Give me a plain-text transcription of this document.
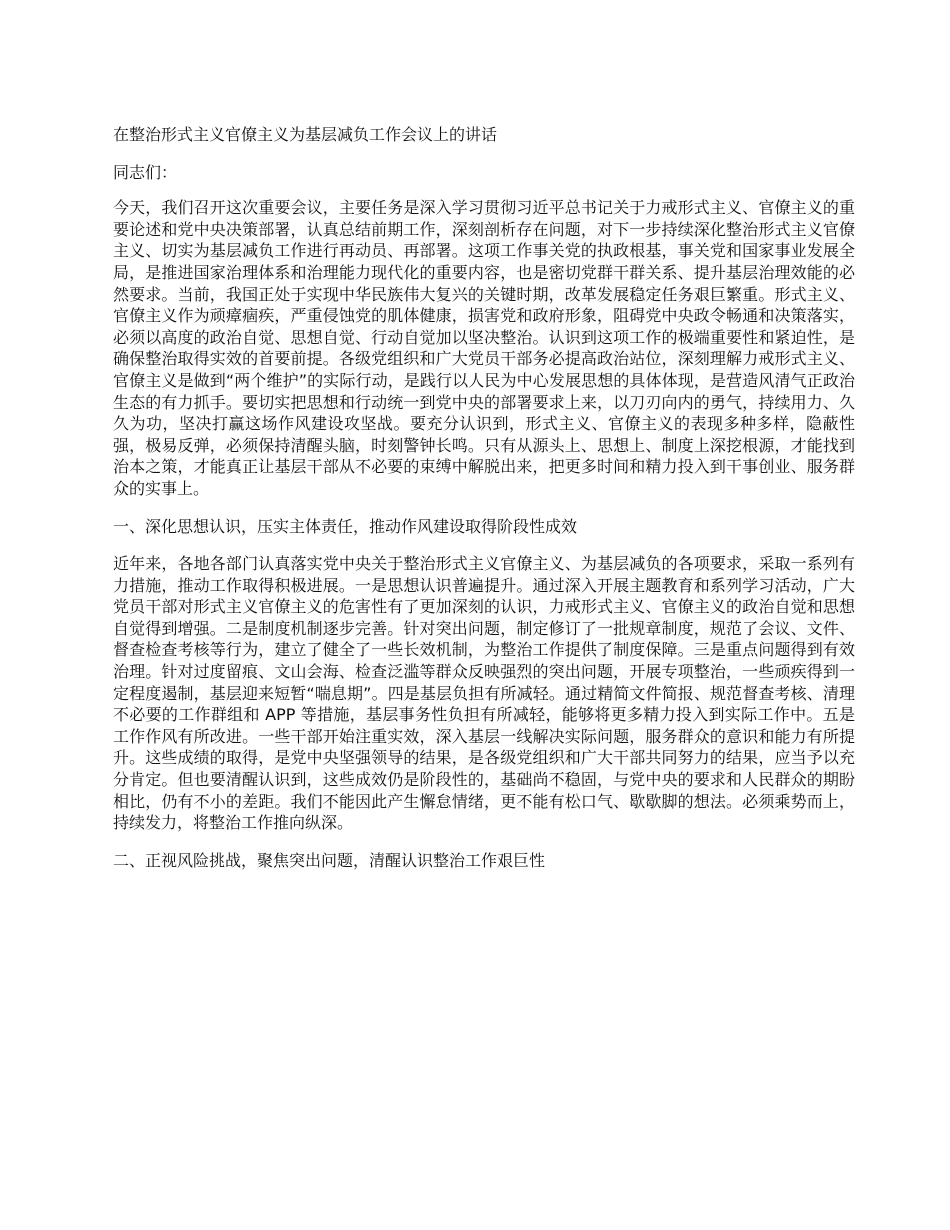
在整治形式主义官僚主义为基层减负工作会议上的讲话

同志们：

今天，我们召开这次重要会议，主要任务是深入学习贯彻习近平总书记关于力戒形式主义、官僚主义的重要论述和党中央决策部署，认真总结前期工作，深刻剖析存在问题，对下一步持续深化整治形式主义官僚主义、切实为基层减负工作进行再动员、再部署。这项工作事关党的执政根基，事关党和国家事业发展全局，是推进国家治理体系和治理能力现代化的重要内容，也是密切党群干群关系、提升基层治理效能的必然要求。当前，我国正处于实现中华民族伟大复兴的关键时期，改革发展稳定任务艰巨繁重。形式主义、官僚主义作为顽瘴痼疾，严重侵蚀党的肌体健康，损害党和政府形象，阻碍党中央政令畅通和决策落实，必须以高度的政治自觉、思想自觉、行动自觉加以坚决整治。认识到这项工作的极端重要性和紧迫性，是确保整治取得实效的首要前提。各级党组织和广大党员干部务必提高政治站位，深刻理解力戒形式主义、官僚主义是做到“两个维护”的实际行动，是践行以人民为中心发展思想的具体体现，是营造风清气正政治生态的有力抓手。要切实把思想和行动统一到党中央的部署要求上来，以刀刃向内的勇气，持续用力、久久为功，坚决打赢这场作风建设攻坚战。要充分认识到，形式主义、官僚主义的表现多种多样，隐蔽性强，极易反弹，必须保持清醒头脑，时刻警钟长鸣。只有从源头上、思想上、制度上深挖根源，才能找到治本之策，才能真正让基层干部从不必要的束缚中解脱出来，把更多时间和精力投入到干事创业、服务群众的实事上。

一、深化思想认识，压实主体责任，推动作风建设取得阶段性成效

近年来，各地各部门认真落实党中央关于整治形式主义官僚主义、为基层减负的各项要求，采取一系列有力措施，推动工作取得积极进展。一是思想认识普遍提升。通过深入开展主题教育和系列学习活动，广大党员干部对形式主义官僚主义的危害性有了更加深刻的认识，力戒形式主义、官僚主义的政治自觉和思想自觉得到增强。二是制度机制逐步完善。针对突出问题，制定修订了一批规章制度，规范了会议、文件、督查检查考核等行为，建立了健全了一些长效机制，为整治工作提供了制度保障。三是重点问题得到有效治理。针对过度留痕、文山会海、检查泛滥等群众反映强烈的突出问题，开展专项整治，一些顽疾得到一定程度遏制，基层迎来短暂“喘息期”。四是基层负担有所减轻。通过精简文件简报、规范督查考核、清理不必要的工作群组和 APP 等措施，基层事务性负担有所减轻，能够将更多精力投入到实际工作中。五是工作作风有所改进。一些干部开始注重实效，深入基层一线解决实际问题，服务群众的意识和能力有所提升。这些成绩的取得，是党中央坚强领导的结果，是各级党组织和广大干部共同努力的结果，应当予以充分肯定。但也要清醒认识到，这些成效仍是阶段性的，基础尚不稳固，与党中央的要求和人民群众的期盼相比，仍有不小的差距。我们不能因此产生懈怠情绪，更不能有松口气、歇歇脚的想法。必须乘势而上，持续发力，将整治工作推向纵深。

二、正视风险挑战，聚焦突出问题，清醒认识整治工作艰巨性
